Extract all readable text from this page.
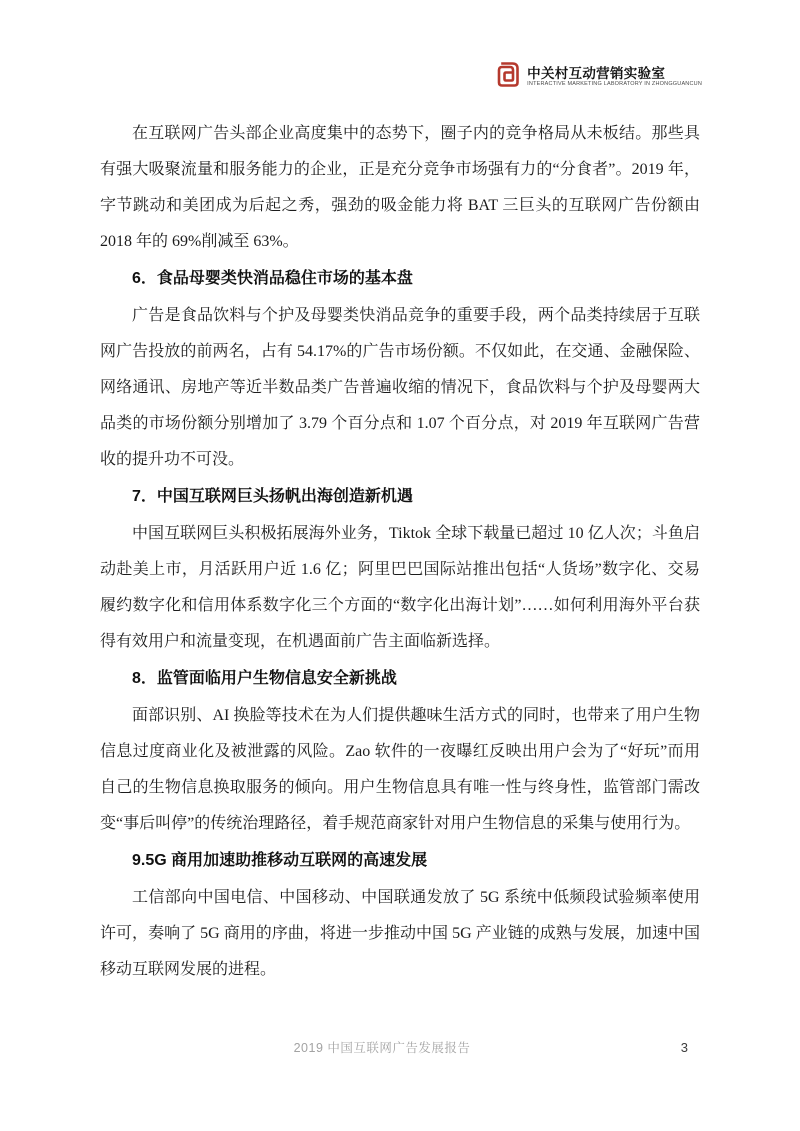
中关村互动营销实验室
INTERACTIVE MARKETING LABORATORY IN ZHONGGUANCUN

在互联网广告头部企业高度集中的态势下，圈子内的竞争格局从未板结。那些具有强大吸聚流量和服务能力的企业，正是充分竞争市场强有力的“分食者”。2019 年，字节跳动和美团成为后起之秀，强劲的吸金能力将 BAT 三巨头的互联网广告份额由 2018 年的 69%削减至 63%。

6．食品母婴类快消品稳住市场的基本盘

广告是食品饮料与个护及母婴类快消品竞争的重要手段，两个品类持续居于互联网广告投放的前两名，占有 54.17%的广告市场份额。不仅如此，在交通、金融保险、网络通讯、房地产等近半数品类广告普遍收缩的情况下，食品饮料与个护及母婴两大品类的市场份额分别增加了 3.79 个百分点和 1.07 个百分点，对 2019 年互联网广告营收的提升功不可没。

7．中国互联网巨头扬帆出海创造新机遇

中国互联网巨头积极拓展海外业务，Tiktok 全球下载量已超过 10 亿人次；斗鱼启动赴美上市，月活跃用户近 1.6 亿；阿里巴巴国际站推出包括“人货场”数字化、交易履约数字化和信用体系数字化三个方面的“数字化出海计划”……如何利用海外平台获得有效用户和流量变现，在机遇面前广告主面临新选择。

8．监管面临用户生物信息安全新挑战

面部识别、AI 换脸等技术在为人们提供趣味生活方式的同时，也带来了用户生物信息过度商业化及被泄露的风险。Zao 软件的一夜曝红反映出用户会为了“好玩”而用自己的生物信息换取服务的倾向。用户生物信息具有唯一性与终身性，监管部门需改变“事后叫停”的传统治理路径，着手规范商家针对用户生物信息的采集与使用行为。

9.5G 商用加速助推移动互联网的高速发展

工信部向中国电信、中国移动、中国联通发放了 5G 系统中低频段试验频率使用许可，奏响了 5G 商用的序曲，将进一步推动中国 5G 产业链的成熟与发展，加速中国移动互联网发展的进程。

2019 中国互联网广告发展报告	3
